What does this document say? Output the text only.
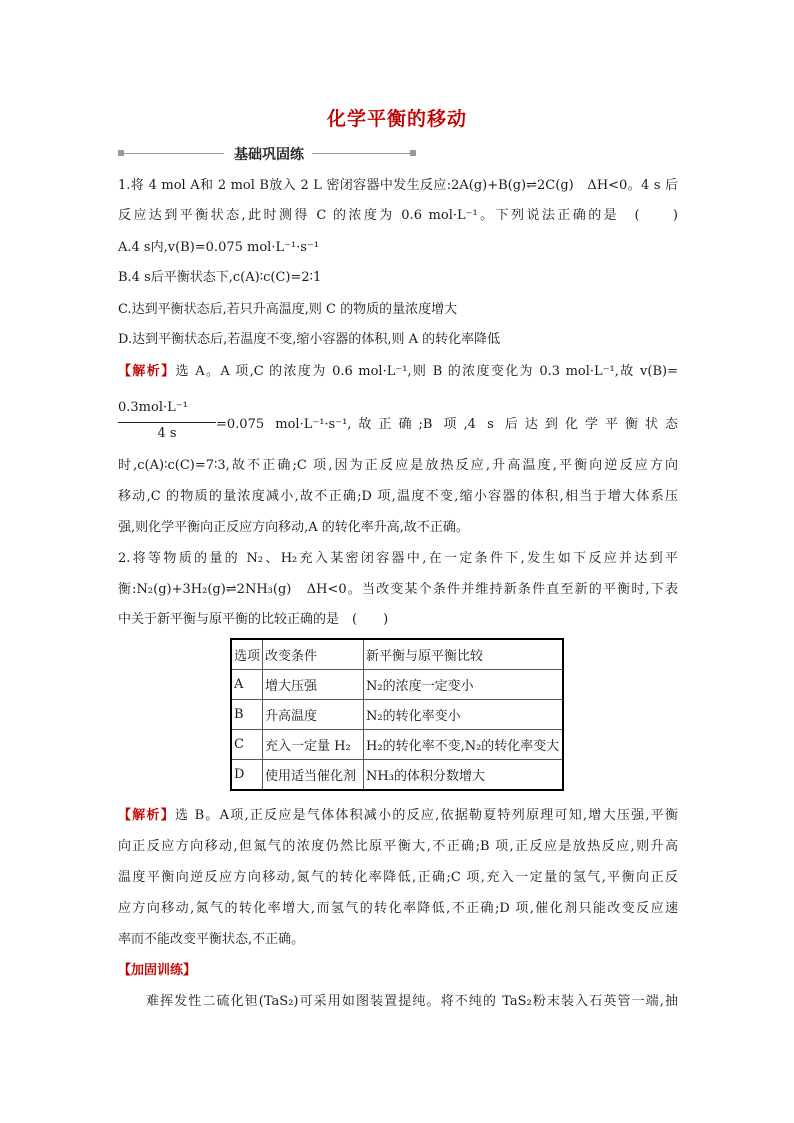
化学平衡的移动
基础巩固练
1.将 4 mol A和 2 mol B放入 2 L 密闭容器中发生反应:2A(g)+B(g)⇌2C(g)　ΔH<0。4 s 后
反应达到平衡状态,此时测得 C 的浓度为 0.6 mol·L⁻¹。下列说法正确的是　(　　)
A.4 s内,v(B)=0.075 mol·L⁻¹·s⁻¹
B.4 s后平衡状态下,c(A)∶c(C)=2∶1
C.达到平衡状态后,若只升高温度,则 C 的物质的量浓度增大
D.达到平衡状态后,若温度不变,缩小容器的体积,则 A 的转化率降低
【解析】选 A。A 项,C 的浓度为 0.6 mol·L⁻¹,则 B 的浓度变化为 0.3 mol·L⁻¹,故 v(B)=
0.3mol·L⁻¹
4 s
=0.075 mol·L⁻¹·s⁻¹,故正确;B 项,4 s 后达到化学平衡状态
时,c(A)∶c(C)=7∶3,故不正确;C 项,因为正反应是放热反应,升高温度,平衡向逆反应方向
移动,C 的物质的量浓度减小,故不正确;D 项,温度不变,缩小容器的体积,相当于增大体系压
强,则化学平衡向正反应方向移动,A 的转化率升高,故不正确。
2.将等物质的量的 N₂、H₂充入某密闭容器中,在一定条件下,发生如下反应并达到平
衡:N₂(g)+3H₂(g)⇌2NH₃(g)　ΔH<0。当改变某个条件并维持新条件直至新的平衡时,下表
中关于新平衡与原平衡的比较正确的是　(　　)
选项	改变条件	新平衡与原平衡比较
A	增大压强	N₂的浓度一定变小
B	升高温度	N₂的转化率变小
C	充入一定量 H₂	H₂的转化率不变,N₂的转化率变大
D	使用适当催化剂	NH₃的体积分数增大
【解析】选 B。A项,正反应是气体体积减小的反应,依据勒夏特列原理可知,增大压强,平衡
向正反应方向移动,但氮气的浓度仍然比原平衡大,不正确;B 项,正反应是放热反应,则升高
温度平衡向逆反应方向移动,氮气的转化率降低,正确;C 项,充入一定量的氢气,平衡向正反
应方向移动,氮气的转化率增大,而氢气的转化率降低,不正确;D 项,催化剂只能改变反应速
率而不能改变平衡状态,不正确。
【加固训练】
难挥发性二硫化钽(TaS₂)可采用如图装置提纯。将不纯的 TaS₂粉末装入石英管一端,抽
